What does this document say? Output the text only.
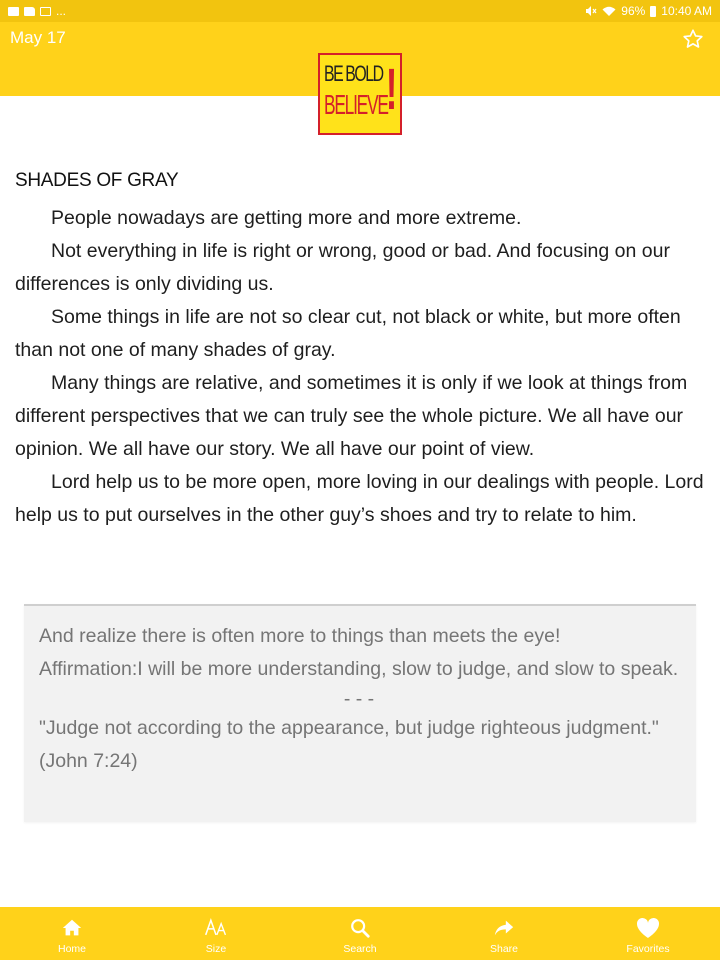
...	96% 10:40 AM
May 17
BE BOLD
BELIEVE
!
SHADES OF GRAY

People nowadays are getting more and more extreme.

Not everything in life is right or wrong, good or bad. And focusing on our differences is only dividing us.

Some things in life are not so clear cut, not black or white, but more often than not one of many shades of gray.

Many things are relative, and sometimes it is only if we look at things from different perspectives that we can truly see the whole picture. We all have our opinion. We all have our story. We all have our point of view.

Lord help us to be more open, more loving in our dealings with people. Lord help us to put ourselves in the other guy’s shoes and try to relate to him.

And realize there is often more to things than meets the eye!
Affirmation:I will be more understanding, slow to judge, and slow to speak.
- - -
"Judge not according to the appearance, but judge righteous judgment." (John 7:24)
Home	Size	Search	Share	Favorites
